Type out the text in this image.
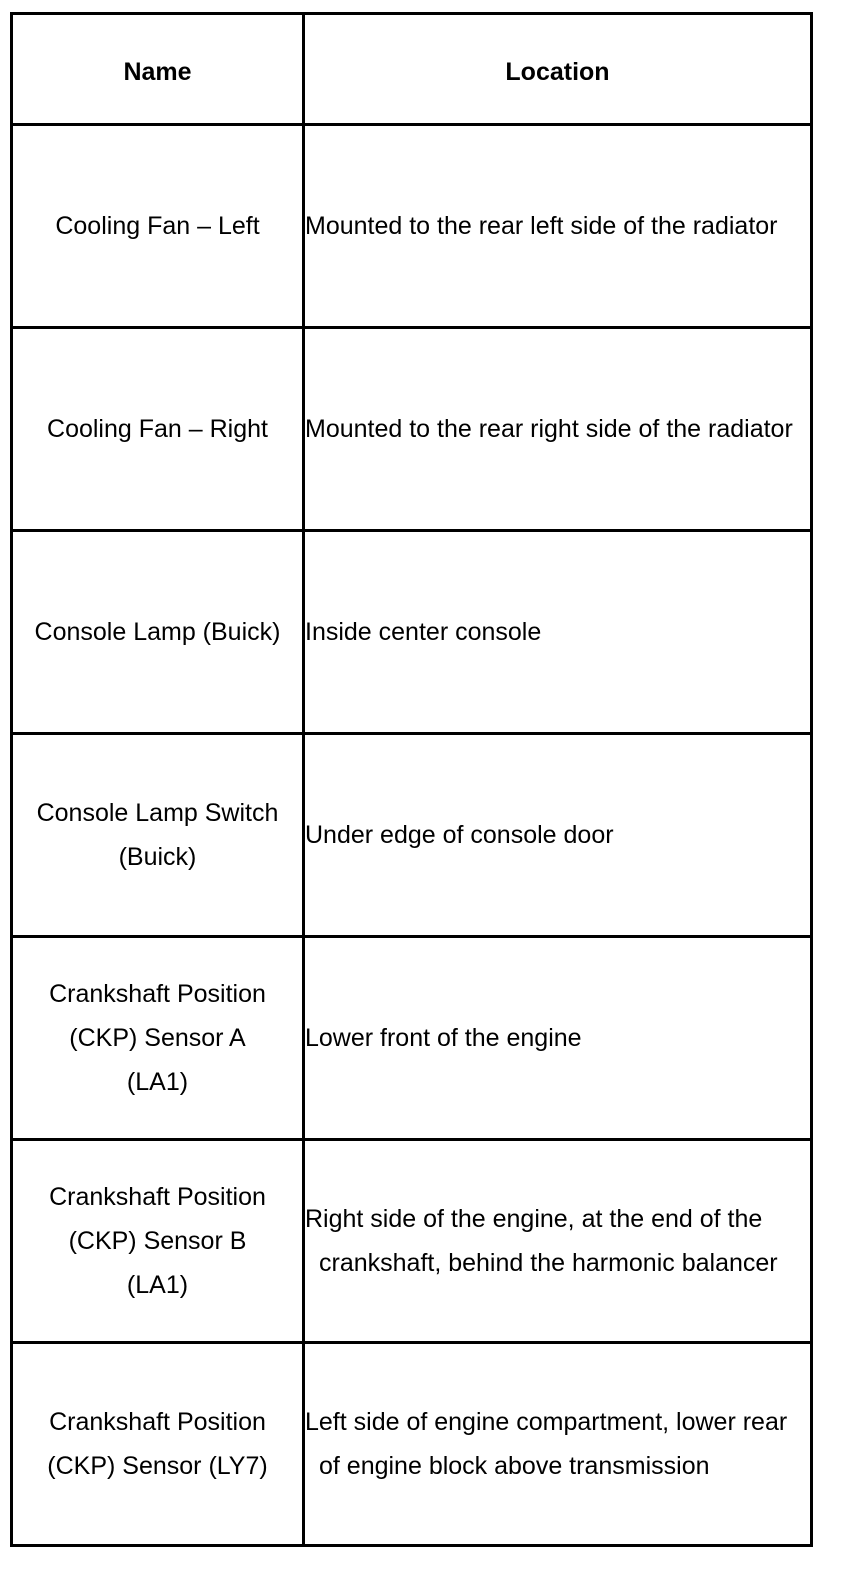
Name	Location

Cooling Fan – Left	Mounted to the rear left side of the radiator

Cooling Fan – Right	Mounted to the rear right side of the radiator

Console Lamp (Buick)	Inside center console

Console Lamp Switch
(Buick)	Under edge of console door

Crankshaft Position
(CKP) Sensor A
(LA1)	Lower front of the engine

Crankshaft Position
(CKP) Sensor B
(LA1)	Right side of the engine, at the end of the crankshaft, behind the harmonic balancer

Crankshaft Position
(CKP) Sensor (LY7)	Left side of engine compartment, lower rear of engine block above transmission
